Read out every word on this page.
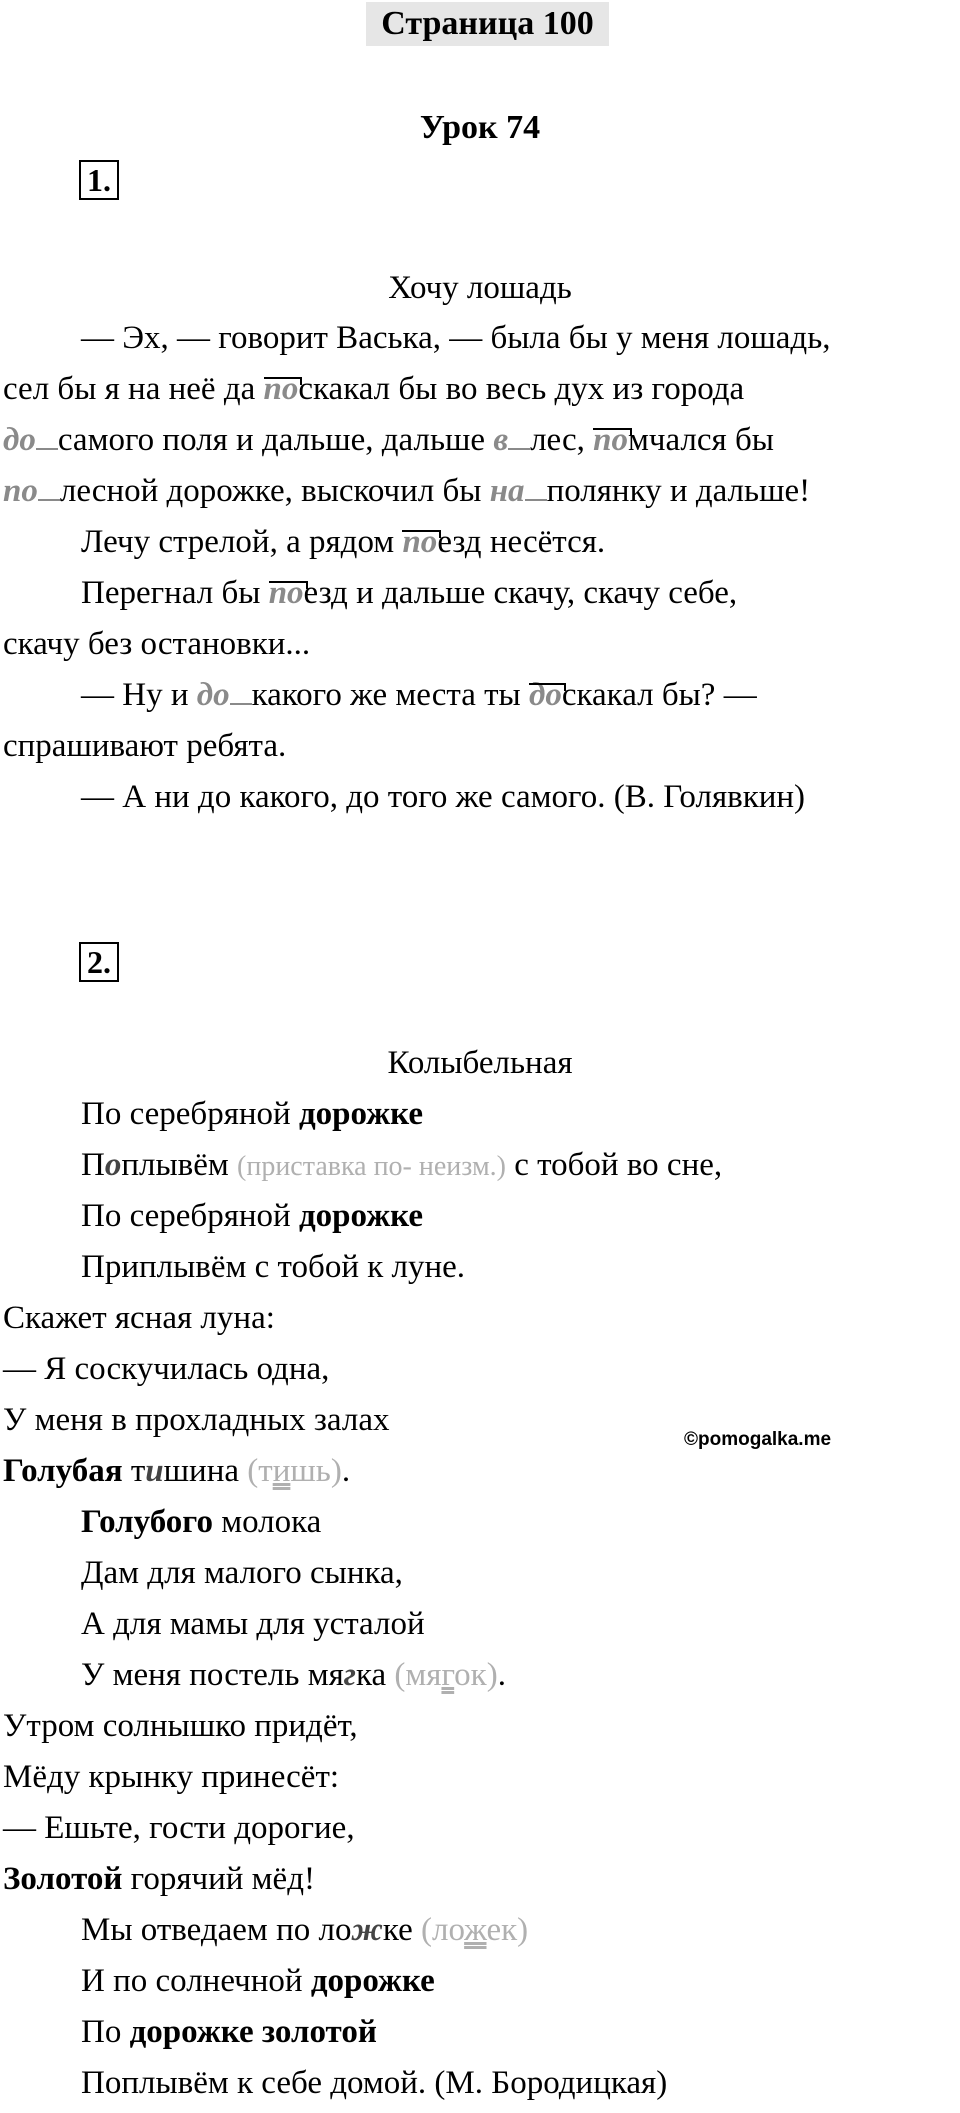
Страница 100
Урок 74
1.
Хочу лошадь
— Эх, — говорит Васька, — была бы у меня лошадь,
сел бы я на неё да поскакал бы во весь дух из города
до самого поля и дальше, дальше в лес, помчался бы
по лесной дорожке, выскочил бы на полянку и дальше!
Лечу стрелой, а рядом поезд несётся.
Перегнал бы поезд и дальше скачу, скачу себе,
скачу без остановки...
— Ну и до какого же места ты доскакал бы? —
спрашивают ребята.
— А ни до какого, до того же самого. (В. Голявкин)
2.
Колыбельная
По серебряной дорожке
Поплывём (приставка по- неизм.) с тобой во сне,
По серебряной дорожке
Приплывём с тобой к луне.
Скажет ясная луна:
— Я соскучилась одна,
У меня в прохладных залах
Голубая тишина (тишь).
Голубого молока
Дам для малого сынка,
А для мамы для усталой
У меня постель мягка (мягок).
Утром солнышко придёт,
Мёду крынку принесёт:
— Ешьте, гости дорогие,
Золотой горячий мёд!
Мы отведаем по ложке (ложек)
И по солнечной дорожке
По дорожке золотой
Поплывём к себе домой. (М. Бородицкая)
©pomogalka.me
